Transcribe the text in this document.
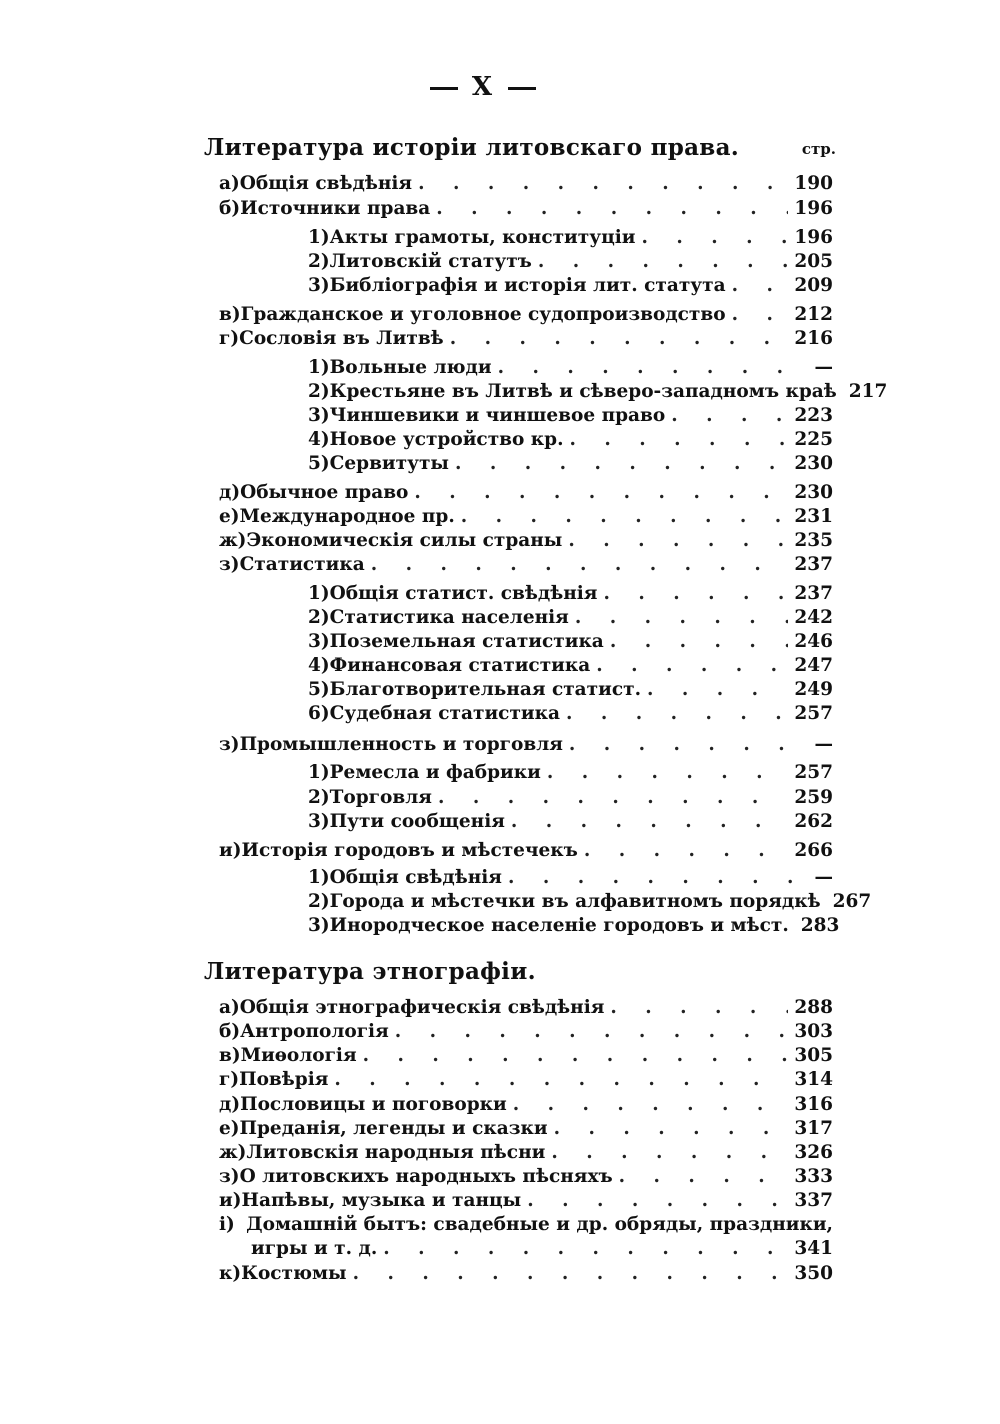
X
Литература исторіи литовскаго права.	стр.
а) Общія свѣдѣнія . . .	190
б) Источники права . . .	196
1) Акты грамоты, конституціи . . .	196
2) Литовскій статутъ . . .	205
3) Библіографія и исторія лит. статута . . .	209
в) Гражданское и уголовное судопроизводство . . .	212
г) Сословія въ Литвѣ . . .	216
1) Вольные люди . . .	—
2) Крестьяне въ Литвѣ и сѣверо-западномъ краѣ 217
3) Чиншевики и чиншевое право . . .	223
4) Новое устройство кр. . . .	225
5) Сервитуты . . .	230
д) Обычное право . . .	230
е) Международное пр. . . .	231
ж) Экономическія силы страны . . .	235
з) Статистика . . .	237
1) Общія статист. свѣдѣнія . . .	237
2) Статистика населенія . . .	242
3) Поземельная статистика . . .	246
4) Финансовая статистика . . .	247
5) Благотворительная статист. . . .	249
6) Судебная статистика . . .	257
з) Промышленность и торговля . . .	—
1) Ремесла и фабрики . . .	257
2) Торговля . . .	259
3) Пути сообщенія . . .	262
и) Исторія городовъ и мѣстечекъ . . .	266
1) Общія свѣдѣнія . . .	—
2) Города и мѣстечки въ алфавитномъ порядкѣ 267
3) Инородческое населеніе городовъ и мѣст. 283
Литература этнографіи.
а) Общія этнографическія свѣдѣнія . . .	288
б) Антропологія . . .	303
в) Миѳологія . . .	305
г) Повѣрія . . .	314
д) Пословицы и поговорки . . .	316
е) Преданія, легенды и сказки . . .	317
ж) Литовскія народныя пѣсни . . .	326
з) О литовскихъ народныхъ пѣсняхъ . . .	333
и) Напѣвы, музыка и танцы . . .	337
і) Домашній бытъ: свадебные и др. обряды, праздники,
игры и т. д. . . .	341
к) Костюмы . . .	350
